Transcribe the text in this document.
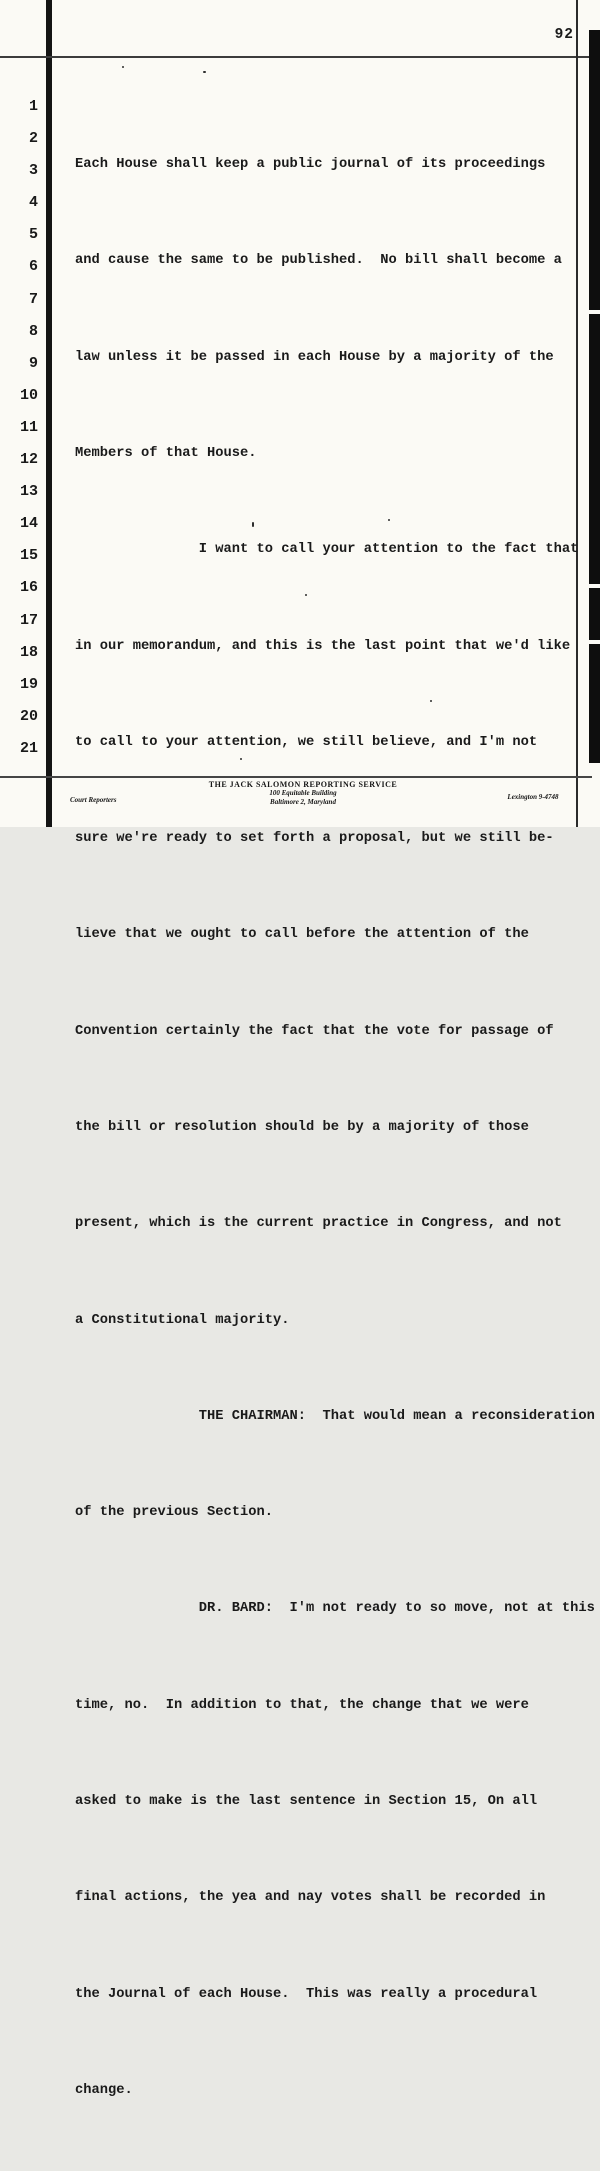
92
1
2
3
4
5
6
7
8
9
10
11
12
13
14
15
16
17
18
19
20
21

Each House shall keep a public journal of its proceedings

and cause the same to be published.  No bill shall become a

law unless it be passed in each House by a majority of the

Members of that House.

I want to call your attention to the fact that

in our memorandum, and this is the last point that we'd like

to call to your attention, we still believe, and I'm not

sure we're ready to set forth a proposal, but we still be-

lieve that we ought to call before the attention of the

Convention certainly the fact that the vote for passage of

the bill or resolution should be by a majority of those

present, which is the current practice in Congress, and not

a Constitutional majority.

THE CHAIRMAN:  That would mean a reconsideration

of the previous Section.

DR. BARD:  I'm not ready to so move, not at this

time, no.  In addition to that, the change that we were

asked to make is the last sentence in Section 15, On all

final actions, the yea and nay votes shall be recorded in

the Journal of each House.  This was really a procedural

change.

Court Reporters
THE JACK SALOMON REPORTING SERVICE
100 Equitable Building
Baltimore 2, Maryland
Lexington 9-4748
